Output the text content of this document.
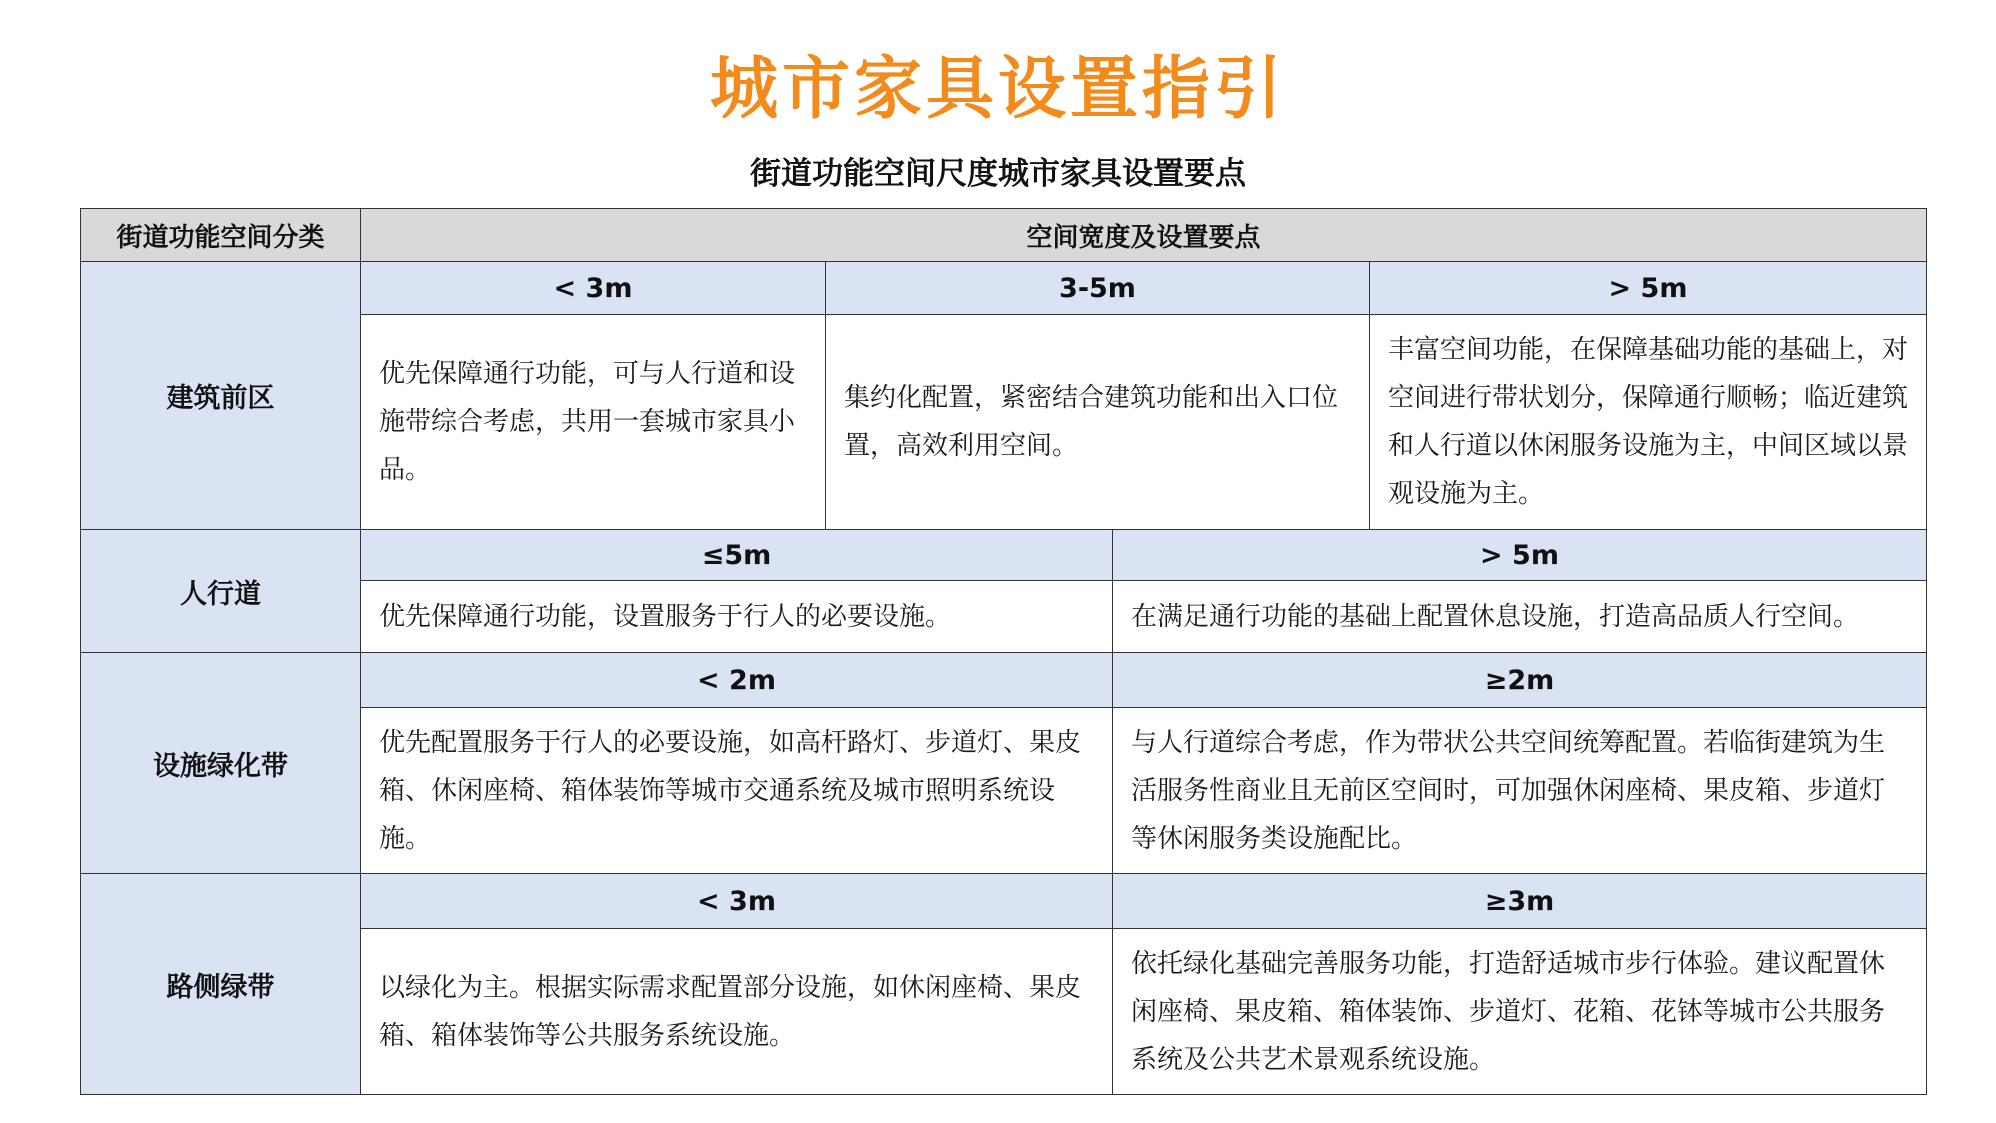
城市家具设置指引
街道功能空间尺度城市家具设置要点
街道功能空间分类	空间宽度及设置要点			
建筑前区	< 3m	3-5m		> 5m
	优先保障通行功能，可与人行道和设施带综合考虑，共用一套城市家具小品。	集约化配置，紧密结合建筑功能和出入口位置，高效利用空间。		丰富空间功能，在保障基础功能的基础上，对空间进行带状划分，保障通行顺畅；临近建筑和人行道以休闲服务设施为主，中间区域以景观设施为主。
人行道	≤5m		> 5m	
	优先保障通行功能，设置服务于行人的必要设施。		在满足通行功能的基础上配置休息设施，打造高品质人行空间。	
设施绿化带	< 2m		≥2m	
	优先配置服务于行人的必要设施，如高杆路灯、步道灯、果皮箱、休闲座椅、箱体装饰等城市交通系统及城市照明系统设施。		与人行道综合考虑，作为带状公共空间统筹配置。若临街建筑为生活服务性商业且无前区空间时，可加强休闲座椅、果皮箱、步道灯等休闲服务类设施配比。	
路侧绿带	< 3m		≥3m	
	以绿化为主。根据实际需求配置部分设施，如休闲座椅、果皮箱、箱体装饰等公共服务系统设施。		依托绿化基础完善服务功能，打造舒适城市步行体验。建议配置休闲座椅、果皮箱、箱体装饰、步道灯、花箱、花钵等城市公共服务系统及公共艺术景观系统设施。	
